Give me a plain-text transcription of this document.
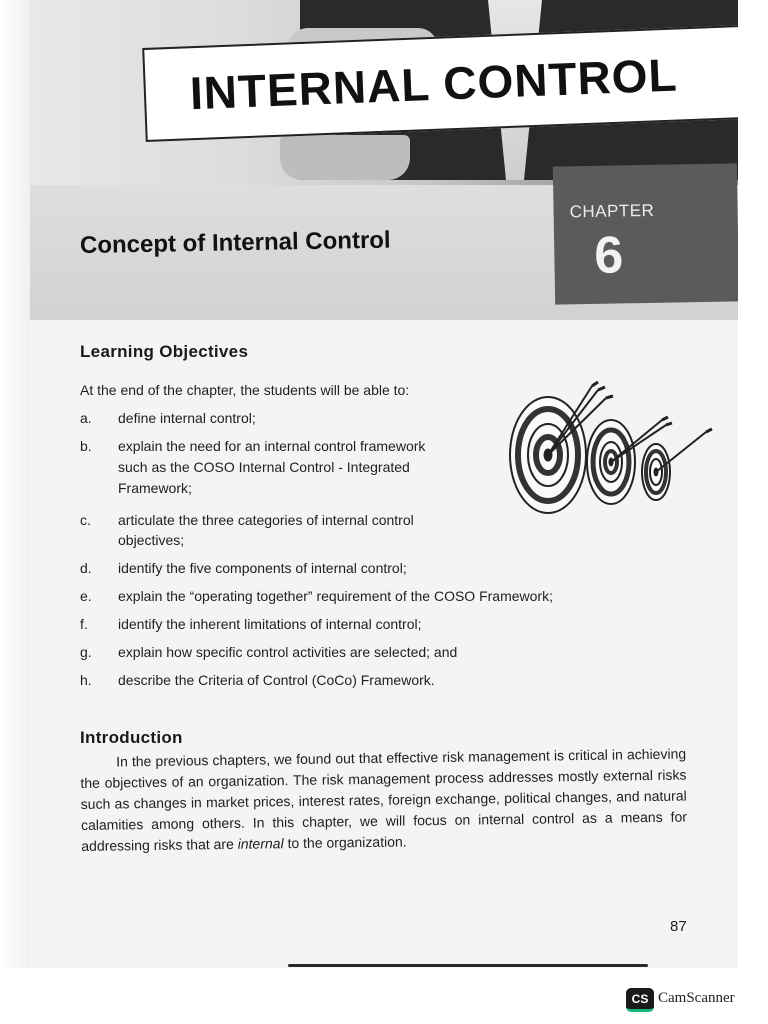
INTERNAL CONTROL
CHAPTER
6
Concept of Internal Control
Learning Objectives
At the end of the chapter, the students will be able to:
a.	define internal control;
b.	explain the need for an internal control framework
such as the COSO Internal Control - Integrated
Framework;
c.	articulate the three categories of internal control
objectives;
d.	identify the five components of internal control;
e.	explain the “operating together” requirement of the COSO Framework;
f.	identify the inherent limitations of internal control;
g.	explain how specific control activities are selected; and
h.	describe the Criteria of Control (CoCo) Framework.
Introduction
In the previous chapters, we found out that effective risk management is critical in achieving the objectives of an organization. The risk management process addresses mostly external risks such as changes in market prices, interest rates, foreign exchange, political changes, and natural calamities among others. In this chapter, we will focus on internal control as a means for addressing risks that are internal to the organization.
87
CS CamScanner
